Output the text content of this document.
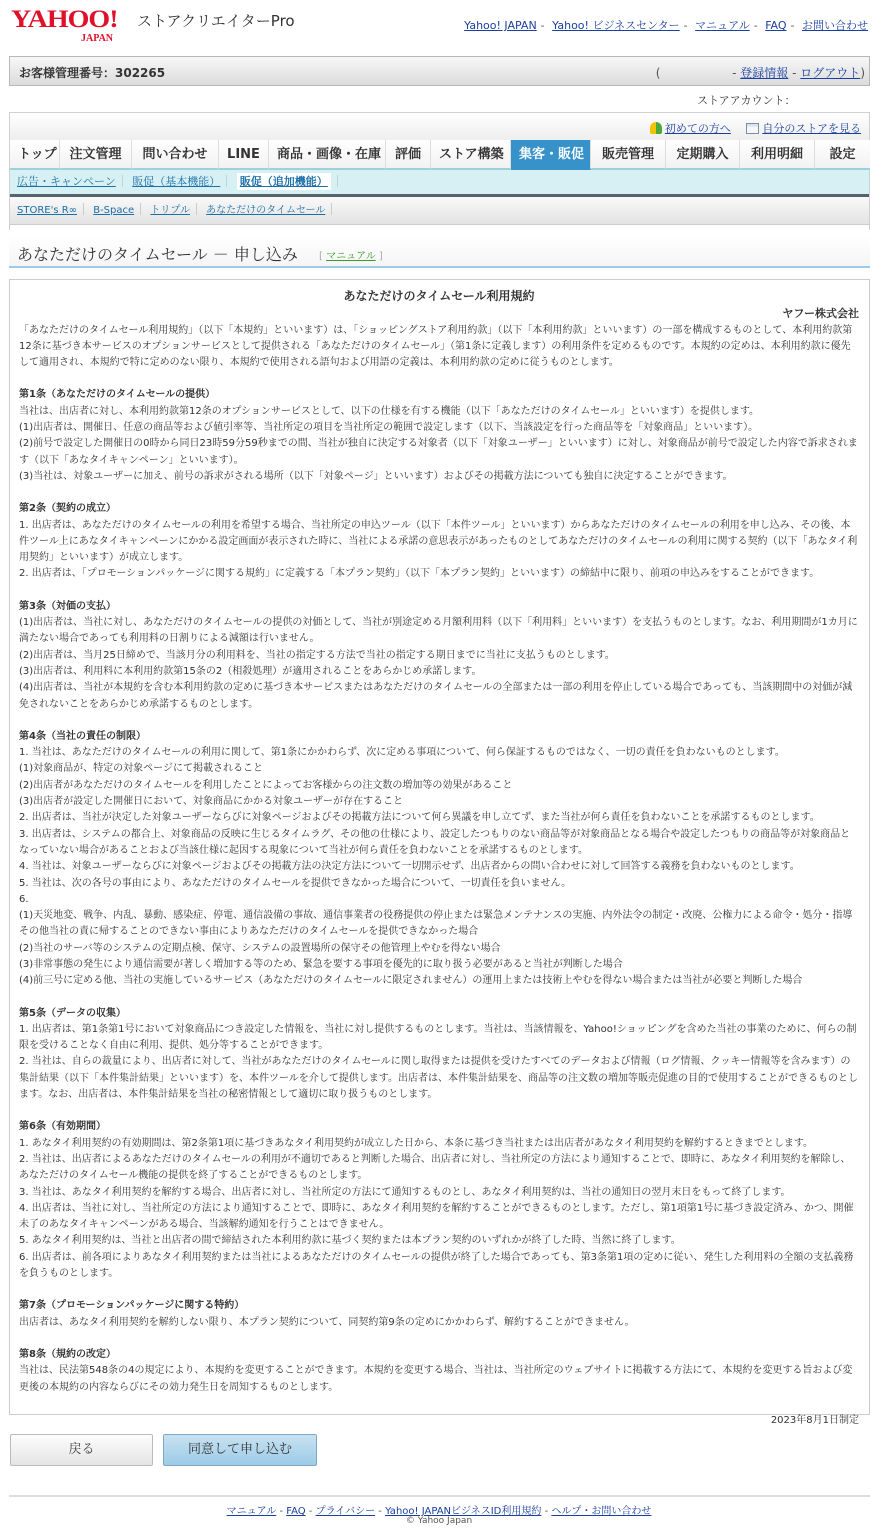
YAHOO!
JAPAN
ストアクリエイターPro	Yahoo! JAPAN - Yahoo! ビジネスセンター - マニュアル - FAQ - お問い合わせ
お客様管理番号：302265	(	- 登録情報 - ログアウト)
ストアアカウント：
初めての方へ	自分のストアを見る
トップ 注文管理	問い合わせ	LINE	商品・画像・在庫	評価	ストア構築	集客・販促	販売管理	定期購入	利用明細	設定
広告・キャンペーン 販促（基本機能） 販促（追加機能）
STORE's R∞ B-Space トリプル あなただけのタイムセール
あなただけのタイムセール － 申し込み [ マニュアル ]
あなただけのタイムセール利用規約
ヤフー株式会社
「あなただけのタイムセール利用規約」（以下「本規約」といいます）は、「ショッピングストア利用約款」（以下「本利用約款」といいます）の一部を構成するものとして、本利用約款第12条に基づき本サービスのオプションサービスとして提供される「あなただけのタイムセール」（第1条に定義します）の利用条件を定めるものです。本規約の定めは、本利用約款に優先して適用され、本規約で特に定めのない限り、本規約で使用される語句および用語の定義は、本利用約款の定めに従うものとします。
第1条（あなただけのタイムセールの提供）
当社は、出店者に対し、本利用約款第12条のオプションサービスとして、以下の仕様を有する機能（以下「あなただけのタイムセール」といいます）を提供します。
(1)出店者は、開催日、任意の商品等および値引率等、当社所定の項目を当社所定の範囲で設定します（以下、当該設定を行った商品等を「対象商品」といいます）。
(2)前号で設定した開催日の0時から同日23時59分59秒までの間、当社が独自に決定する対象者（以下「対象ユーザー」といいます）に対し、対象商品が前号で設定した内容で訴求されます（以下「あなタイキャンペーン」といいます）。
(3)当社は、対象ユーザーに加え、前号の訴求がされる場所（以下「対象ページ」といいます）およびその掲載方法についても独自に決定することができます。
第2条（契約の成立）
1. 出店者は、あなただけのタイムセールの利用を希望する場合、当社所定の申込ツール（以下「本件ツール」といいます）からあなただけのタイムセールの利用を申し込み、その後、本件ツール上にあなタイキャンペーンにかかる設定画面が表示された時に、当社による承諾の意思表示があったものとしてあなただけのタイムセールの利用に関する契約（以下「あなタイ利用契約」といいます）が成立します。
2. 出店者は、「プロモーションパッケージに関する規約」に定義する「本プラン契約」（以下「本プラン契約」といいます）の締結中に限り、前項の申込みをすることができます。
第3条（対価の支払）
(1)出店者は、当社に対し、あなただけのタイムセールの提供の対価として、当社が別途定める月額利用料（以下「利用料」といいます）を支払うものとします。なお、利用期間が1カ月に満たない場合であっても利用料の日割りによる減額は行いません。
(2)出店者は、当月25日締めで、当該月分の利用料を、当社の指定する方法で当社の指定する期日までに当社に支払うものとします。
(3)出店者は、利用料に本利用約款第15条の2（相殺処理）が適用されることをあらかじめ承諾します。
(4)出店者は、当社が本規約を含む本利用約款の定めに基づき本サービスまたはあなただけのタイムセールの全部または一部の利用を停止している場合であっても、当該期間中の対価が減免されないことをあらかじめ承諾するものとします。
第4条（当社の責任の制限）
1. 当社は、あなただけのタイムセールの利用に関して、第1条にかかわらず、次に定める事項について、何ら保証するものではなく、一切の責任を負わないものとします。
(1)対象商品が、特定の対象ページにて掲載されること
(2)出店者があなただけのタイムセールを利用したことによってお客様からの注文数の増加等の効果があること
(3)出店者が設定した開催日において、対象商品にかかる対象ユーザーが存在すること
2. 出店者は、当社が決定した対象ユーザーならびに対象ページおよびその掲載方法について何ら異議を申し立てず、また当社が何ら責任を負わないことを承諾するものとします。
3. 出店者は、システムの都合上、対象商品の反映に生じるタイムラグ、その他の仕様により、設定したつもりのない商品等が対象商品となる場合や設定したつもりの商品等が対象商品となっていない場合があることおよび当該仕様に起因する現象について当社が何ら責任を負わないことを承諾するものとします。
4. 当社は、対象ユーザーならびに対象ページおよびその掲載方法の決定方法について一切開示せず、出店者からの問い合わせに対して回答する義務を負わないものとします。
5. 当社は、次の各号の事由により、あなただけのタイムセールを提供できなかった場合について、一切責任を負いません。
6.
(1)天災地変、戦争、内乱、暴動、感染症、停電、通信設備の事故、通信事業者の役務提供の停止または緊急メンテナンスの実施、内外法令の制定・改廃、公権力による命令・処分・指導その他当社の責に帰することのできない事由によりあなただけのタイムセールを提供できなかった場合
(2)当社のサーバ等のシステムの定期点検、保守、システムの設置場所の保守その他管理上やむを得ない場合
(3)非常事態の発生により通信需要が著しく増加する等のため、緊急を要する事項を優先的に取り扱う必要があると当社が判断した場合
(4)前三号に定める他、当社の実施しているサービス（あなただけのタイムセールに限定されません）の運用上または技術上やむを得ない場合または当社が必要と判断した場合
第5条（データの収集）
1. 出店者は、第1条第1号において対象商品につき設定した情報を、当社に対し提供するものとします。当社は、当該情報を、Yahoo!ショッピングを含めた当社の事業のために、何らの制限を受けることなく自由に利用、提供、処分等することができます。
2. 当社は、自らの裁量により、出店者に対して、当社があなただけのタイムセールに関し取得または提供を受けたすべてのデータおよび情報（ログ情報、クッキー情報等を含みます）の集計結果（以下「本件集計結果」といいます）を、本件ツールを介して提供します。出店者は、本件集計結果を、商品等の注文数の増加等販売促進の目的で使用することができるものとします。なお、出店者は、本件集計結果を当社の秘密情報として適切に取り扱うものとします。
第6条（有効期間）
1. あなタイ利用契約の有効期間は、第2条第1項に基づきあなタイ利用契約が成立した日から、本条に基づき当社または出店者があなタイ利用契約を解約するときまでとします。
2. 当社は、出店者によるあなただけのタイムセールの利用が不適切であると判断した場合、出店者に対し、当社所定の方法により通知することで、即時に、あなタイ利用契約を解除し、あなただけのタイムセール機能の提供を終了することができるものとします。
3. 当社は、あなタイ利用契約を解約する場合、出店者に対し、当社所定の方法にて通知するものとし、あなタイ利用契約は、当社の通知日の翌月末日をもって終了します。
4. 出店者は、当社に対し、当社所定の方法により通知することで、即時に、あなタイ利用契約を解約することができるものとします。ただし、第1項第1号に基づき設定済み、かつ、開催未了のあなタイキャンペーンがある場合、当該解約通知を行うことはできません。
5. あなタイ利用契約は、当社と出店者の間で締結された本利用約款に基づく契約または本プラン契約のいずれかが終了した時、当然に終了します。
6. 出店者は、前各項によりあなタイ利用契約または当社によるあなただけのタイムセールの提供が終了した場合であっても、第3条第1項の定めに従い、発生した利用料の全額の支払義務を負うものとします。
第7条（プロモーションパッケージに関する特約）
出店者は、あなタイ利用契約を解約しない限り、本プラン契約について、同契約第9条の定めにかかわらず、解約することができません。
第8条（規約の改定）
当社は、民法第548条の4の規定により、本規約を変更することができます。本規約を変更する場合、当社は、当社所定のウェブサイトに掲載する方法にて、本規約を変更する旨および変更後の本規約の内容ならびにその効力発生日を周知するものとします。
2023年8月1日制定
戻る	同意して申し込む
マニュアル - FAQ - プライバシー - Yahoo! JAPANビジネスID利用規約 - ヘルプ・お問い合わせ
© Yahoo Japan
